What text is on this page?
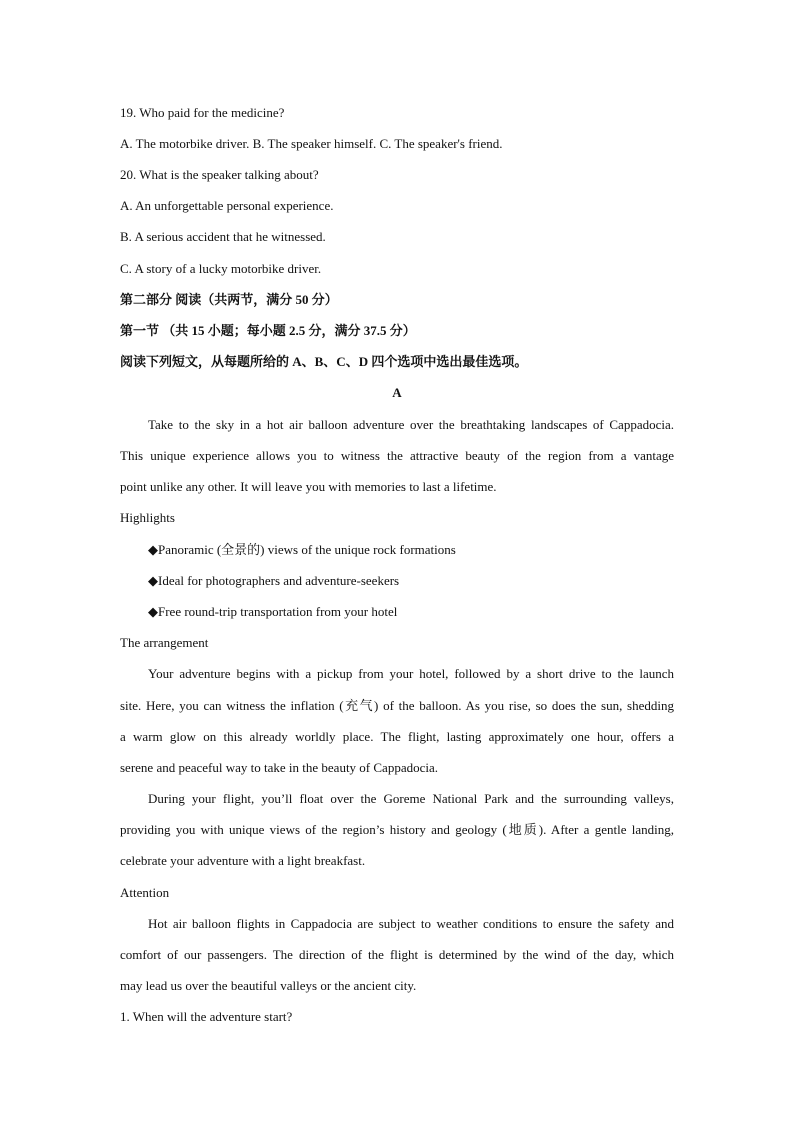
19. Who paid for the medicine?
A. The motorbike driver. B. The speaker himself. C. The speaker's friend.
20. What is the speaker talking about?
A. An unforgettable personal experience.
B. A serious accident that he witnessed.
C. A story of a lucky motorbike driver.
第二部分 阅读（共两节，满分 50 分）
第一节 （共 15 小题；每小题 2.5 分，满分 37.5 分）
阅读下列短文，从每题所给的 A、B、C、D 四个选项中选出最佳选项。
A
Take to the sky in a hot air balloon adventure over the breathtaking landscapes of Cappadocia.
This unique experience allows you to witness the attractive beauty of the region from a vantage
point unlike any other. It will leave you with memories to last a lifetime.
Highlights
◆Panoramic (全景的) views of the unique rock formations
◆Ideal for photographers and adventure-seekers
◆Free round-trip transportation from your hotel
The arrangement
Your adventure begins with a pickup from your hotel, followed by a short drive to the launch
site. Here, you can witness the inflation (充气) of the balloon. As you rise, so does the sun, shedding
a warm glow on this already worldly place. The flight, lasting approximately one hour, offers a
serene and peaceful way to take in the beauty of Cappadocia.
During your flight, you’ll float over the Goreme National Park and the surrounding valleys,
providing you with unique views of the region’s history and geology (地质). After a gentle landing,
celebrate your adventure with a light breakfast.
Attention
Hot air balloon flights in Cappadocia are subject to weather conditions to ensure the safety and
comfort of our passengers. The direction of the flight is determined by the wind of the day, which
may lead us over the beautiful valleys or the ancient city.
1. When will the adventure start?
